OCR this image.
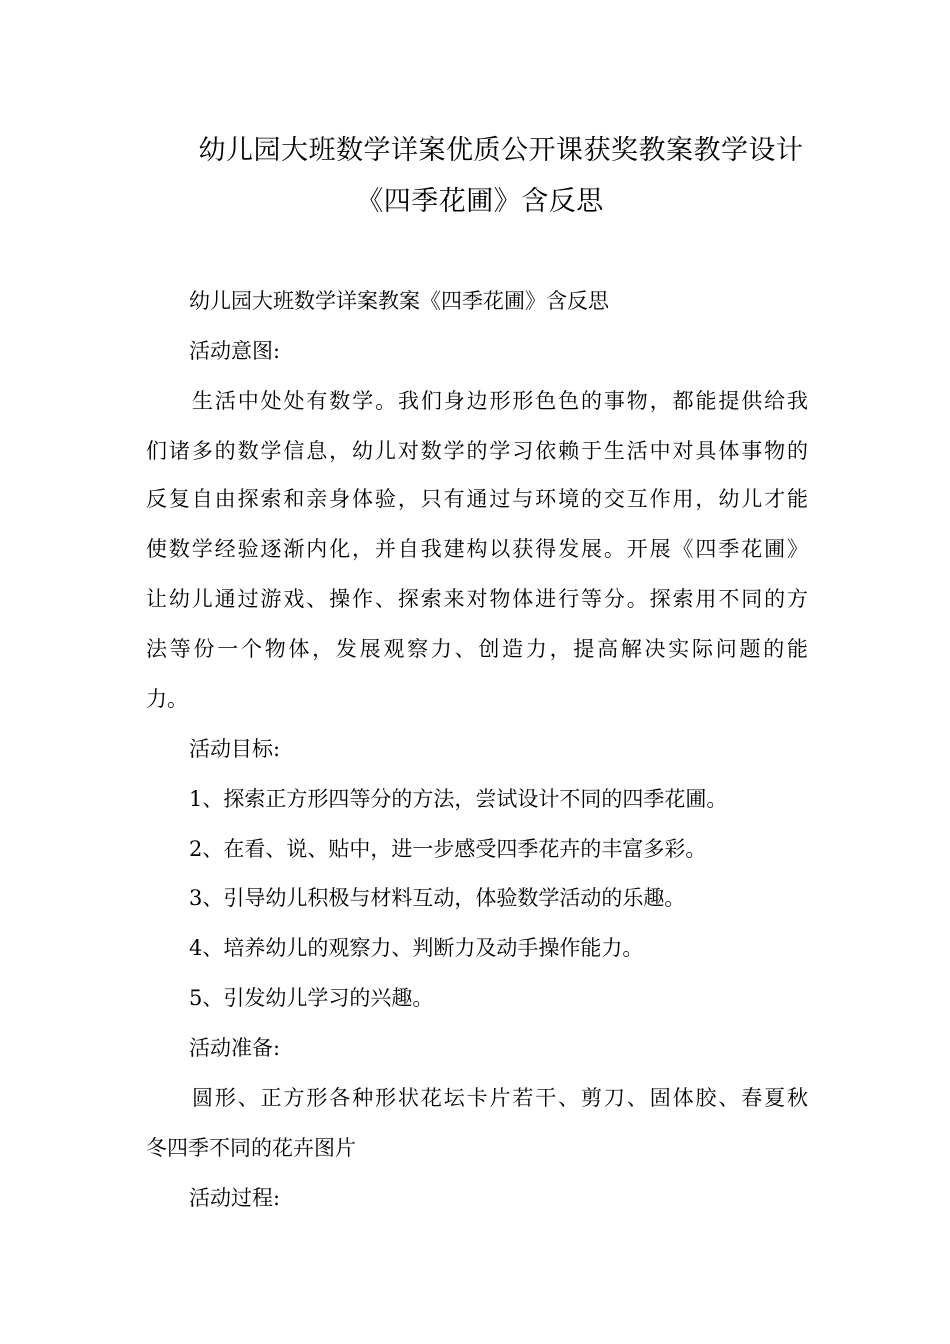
幼儿园大班数学详案优质公开课获奖教案教学设计
《四季花圃》含反思
幼儿园大班数学详案教案《四季花圃》含反思
活动意图:
生活中处处有数学。我们身边形形色色的事物，都能提供给我
们诸多的数学信息，幼儿对数学的学习依赖于生活中对具体事物的
反复自由探索和亲身体验，只有通过与环境的交互作用，幼儿才能
使数学经验逐渐内化，并自我建构以获得发展。开展《四季花圃》
让幼儿通过游戏、操作、探索来对物体进行等分。探索用不同的方
法等份一个物体，发展观察力、创造力，提高解决实际问题的能
力。
活动目标:
1、探索正方形四等分的方法，尝试设计不同的四季花圃。
2、在看、说、贴中，进一步感受四季花卉的丰富多彩。
3、引导幼儿积极与材料互动，体验数学活动的乐趣。
4、培养幼儿的观察力、判断力及动手操作能力。
5、引发幼儿学习的兴趣。
活动准备:
圆形、正方形各种形状花坛卡片若干、剪刀、固体胶、春夏秋
冬四季不同的花卉图片
活动过程:
